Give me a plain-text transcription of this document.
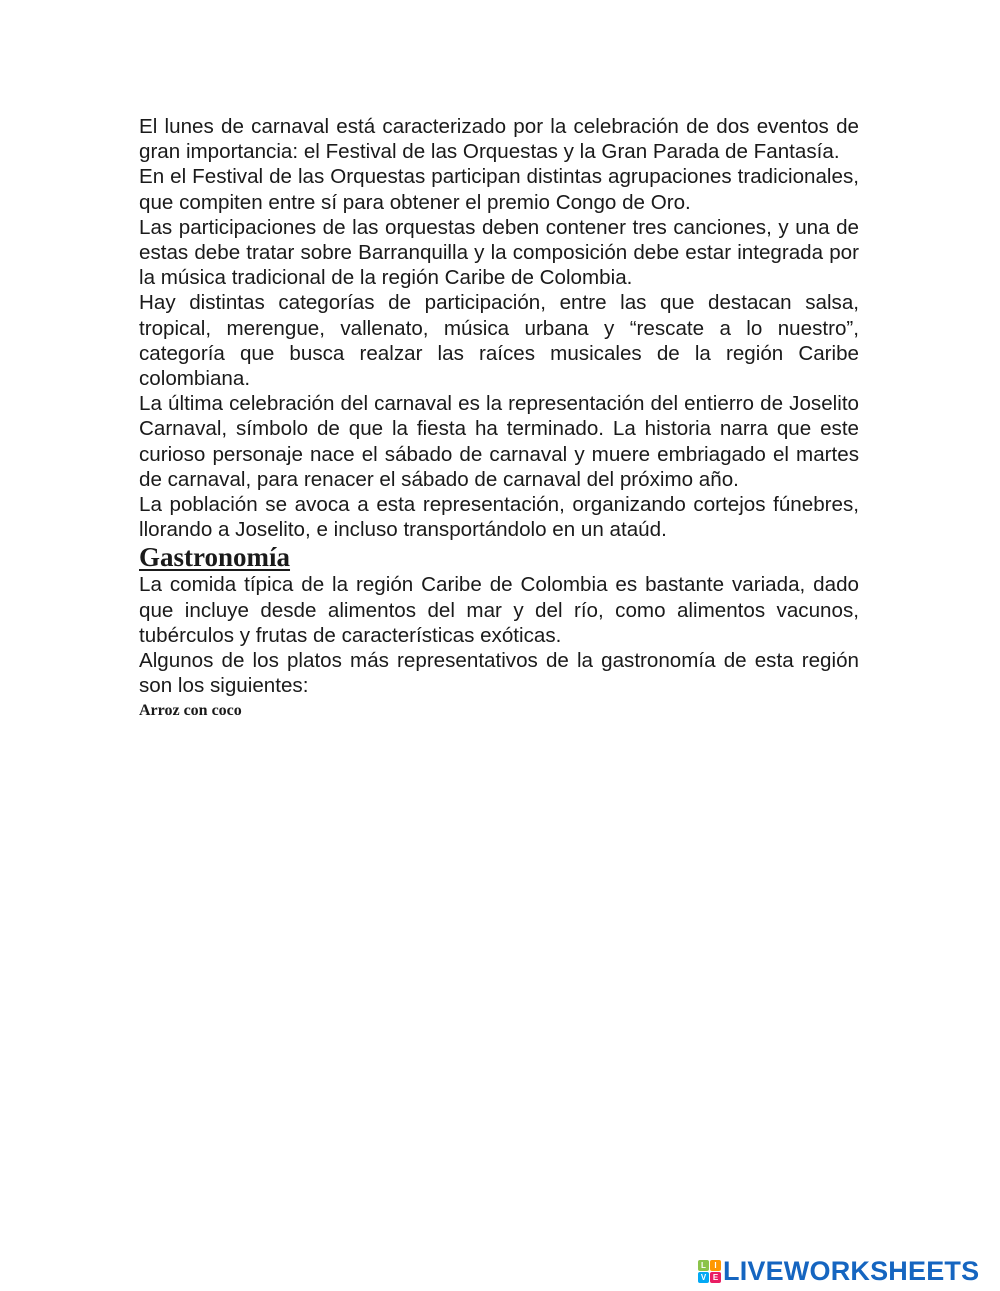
El lunes de carnaval está caracterizado por la celebración de dos eventos de gran importancia: el Festival de las Orquestas y la Gran Parada de Fantasía.

En el Festival de las Orquestas participan distintas agrupaciones tradicionales, que compiten entre sí para obtener el premio Congo de Oro.

Las participaciones de las orquestas deben contener tres canciones, y una de estas debe tratar sobre Barranquilla y la composición debe estar integrada por la música tradicional de la región Caribe de Colombia.

Hay distintas categorías de participación, entre las que destacan salsa, tropical, merengue, vallenato, música urbana y “rescate a lo nuestro”, categoría que busca realzar las raíces musicales de la región Caribe colombiana.

La última celebración del carnaval es la representación del entierro de Joselito Carnaval, símbolo de que la fiesta ha terminado. La historia narra que este curioso personaje nace el sábado de carnaval y muere embriagado el martes de carnaval, para renacer el sábado de carnaval del próximo año.

La población se avoca a esta representación, organizando cortejos fúnebres, llorando a Joselito, e incluso transportándolo en un ataúd.

Gastronomía

La comida típica de la región Caribe de Colombia es bastante variada, dado que incluye desde alimentos del mar y del río, como alimentos vacunos, tubérculos y frutas de características exóticas.

Algunos de los platos más representativos de la gastronomía de esta región son los siguientes:

Arroz con coco
L	I
V E LIVEWORKSHEETS
